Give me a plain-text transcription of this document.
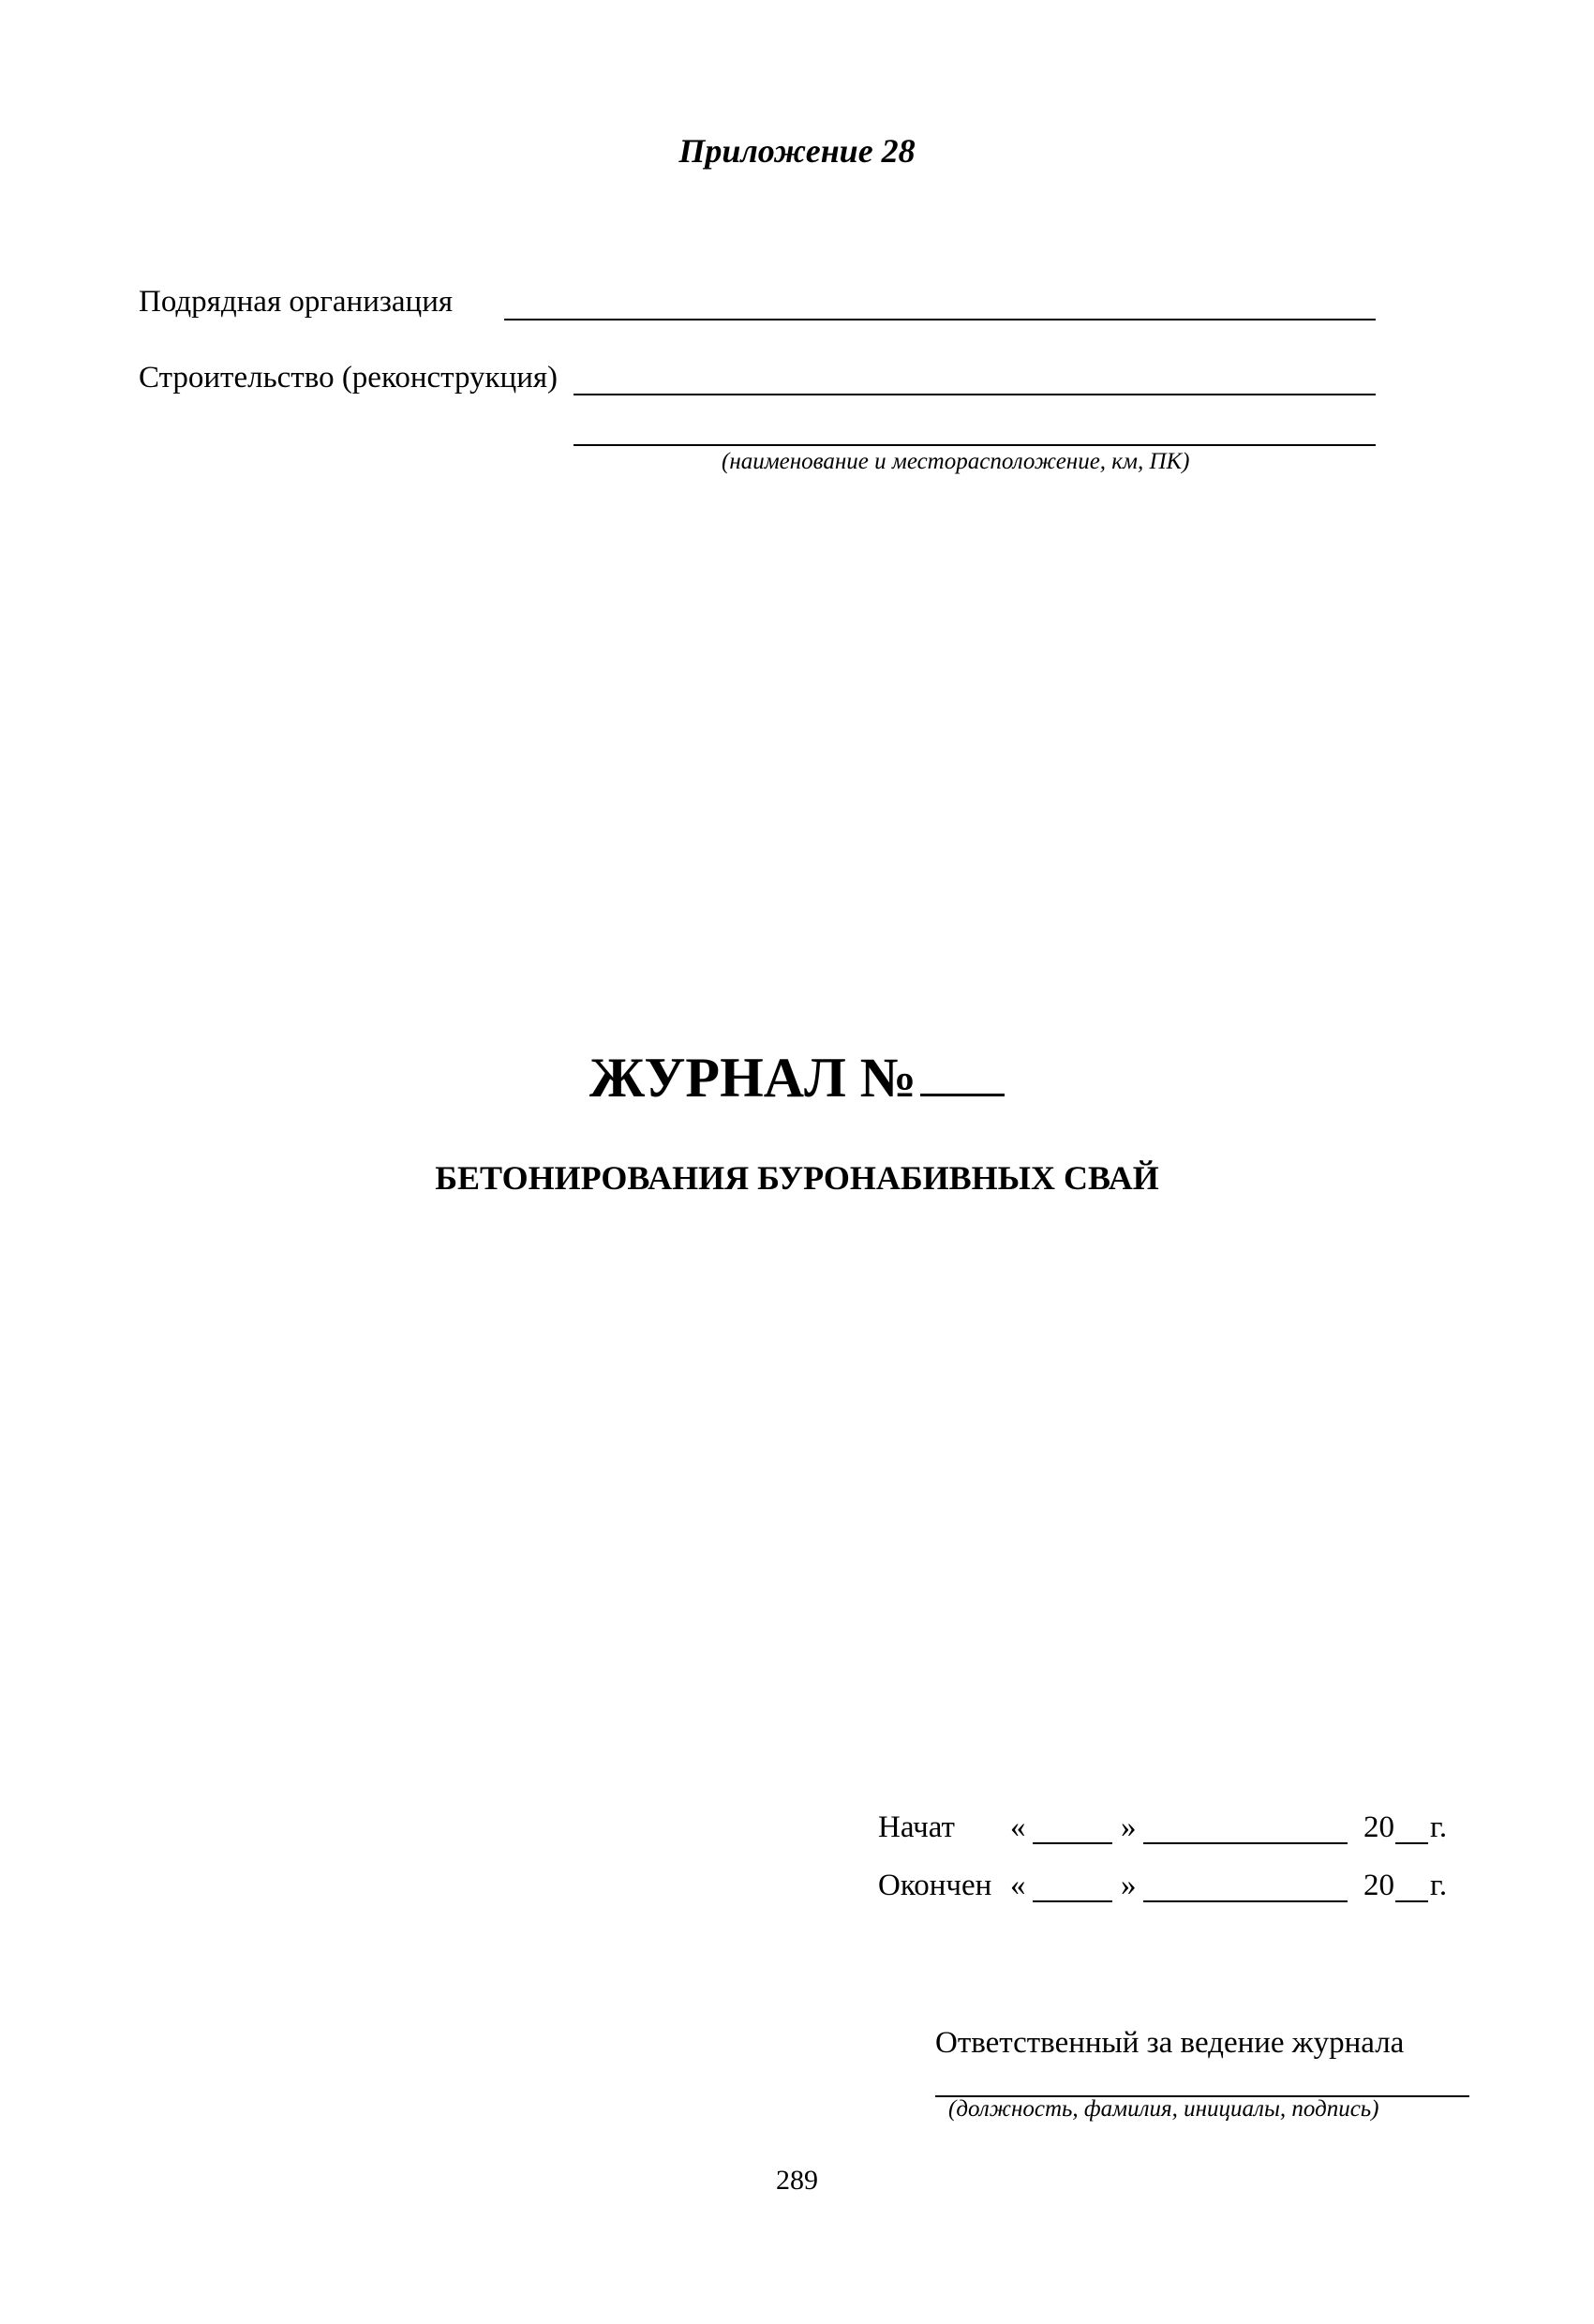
Приложение 28
Подрядная организация
Строительство (реконструкция)
(наименование и месторасположение, км, ПК)
ЖУРНАЛ №
БЕТОНИРОВАНИЯ БУРОНАБИВНЫХ СВАЙ
Начат «	»	20 г.
Окончен «	»	20 г.
Ответственный за ведение журнала
(должность, фамилия, инициалы, подпись)
289
